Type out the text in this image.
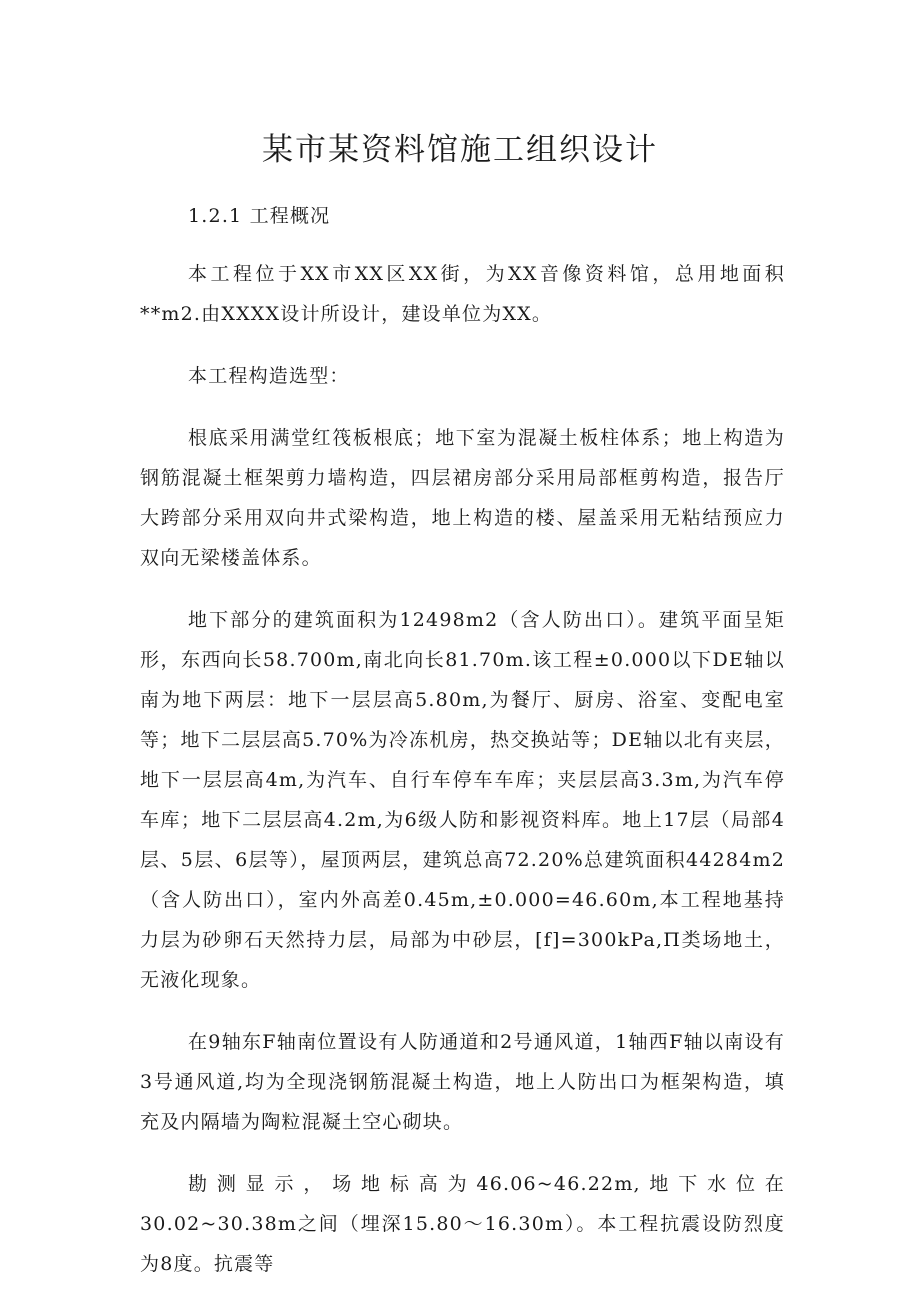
某市某资料馆施工组织设计

1.2.1 工程概况

本工程位于XX市XX区XX街，为XX音像资料馆，总用地面积**m2.由XXXX设计所设计，建设单位为XX。

本工程构造选型：

根底采用满堂红筏板根底；地下室为混凝土板柱体系；地上构造为钢筋混凝土框架剪力墙构造，四层裙房部分采用局部框剪构造，报告厅大跨部分采用双向井式梁构造，地上构造的楼、屋盖采用无粘结预应力双向无梁楼盖体系。

地下部分的建筑面积为12498m2（含人防出口）。建筑平面呈矩形，东西向长58.700m,南北向长81.70m.该工程±0.000以下DE轴以南为地下两层：地下一层层高5.80m,为餐厅、厨房、浴室、变配电室等；地下二层层高5.70%为冷冻机房，热交换站等；DE轴以北有夹层，地下一层层高4m,为汽车、自行车停车车库；夹层层高3.3m,为汽车停车库；地下二层层高4.2m,为6级人防和影视资料库。地上17层（局部4层、5层、6层等），屋顶两层，建筑总高72.20%总建筑面积44284m2（含人防出口），室内外高差0.45m,±0.000=46.60m,本工程地基持力层为砂卵石天然持力层，局部为中砂层，[f]=300kPa,Π类场地土，无液化现象。

在9轴东F轴南位置设有人防通道和2号通风道，1轴西F轴以南设有3号通风道,均为全现浇钢筋混凝土构造，地上人防出口为框架构造，填充及内隔墙为陶粒混凝土空心砌块。

勘测显示，场地标高为46.06~46.22m,地下水位在30.02~30.38m之间（埋深15.80～16.30m）。本工程抗震设防烈度为8度。抗震等
